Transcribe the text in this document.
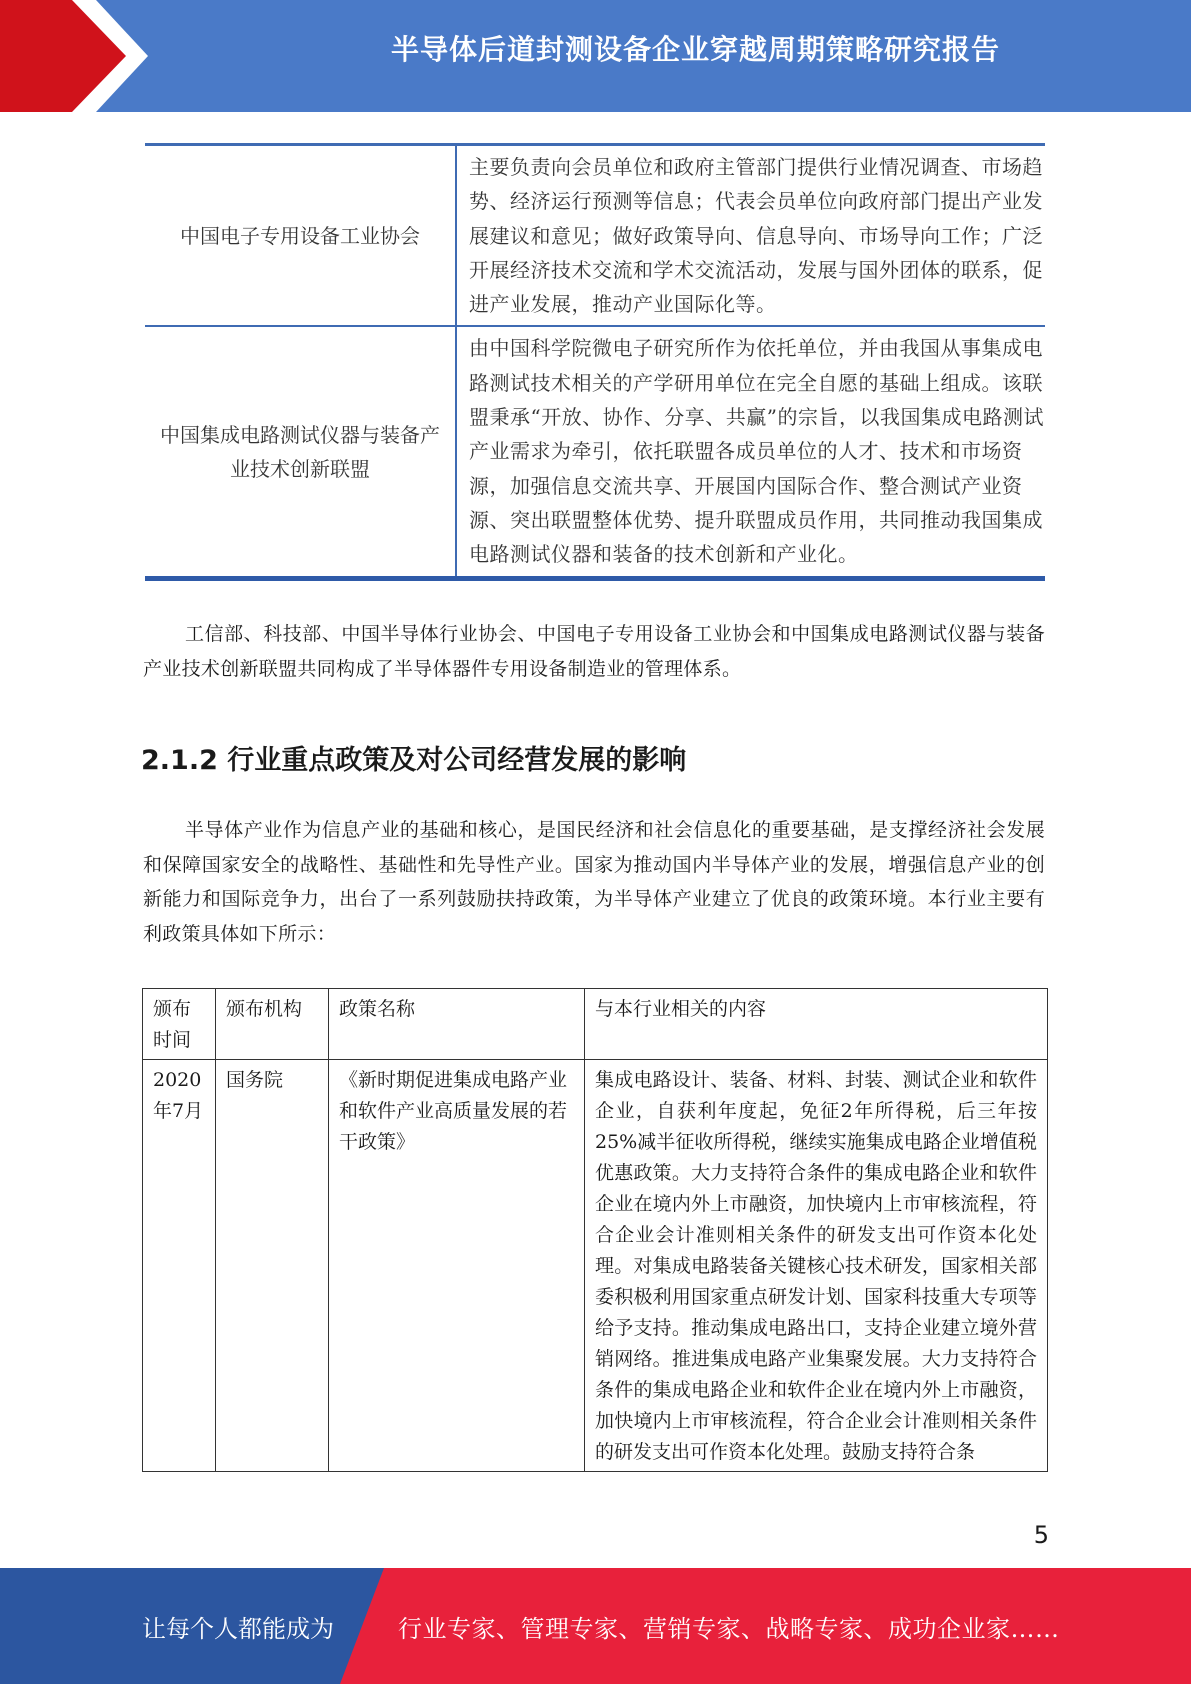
半导体后道封测设备企业穿越周期策略研究报告
中国电子专用设备工业协会	主要负责向会员单位和政府主管部门提供行业情况调查、市场趋势、经济运行预测等信息；代表会员单位向政府部门提出产业发展建议和意见；做好政策导向、信息导向、市场导向工作；广泛开展经济技术交流和学术交流活动，发展与国外团体的联系，促进产业发展，推动产业国际化等。
中国集成电路测试仪器与装备产业技术创新联盟	由中国科学院微电子研究所作为依托单位，并由我国从事集成电路测试技术相关的产学研用单位在完全自愿的基础上组成。该联盟秉承“开放、协作、分享、共赢”的宗旨，以我国集成电路测试产业需求为牵引，依托联盟各成员单位的人才、技术和市场资源，加强信息交流共享、开展国内国际合作、整合测试产业资源、突出联盟整体优势、提升联盟成员作用，共同推动我国集成电路测试仪器和装备的技术创新和产业化。

工信部、科技部、中国半导体行业协会、中国电子专用设备工业协会和中国集成电路测试仪器与装备产业技术创新联盟共同构成了半导体器件专用设备制造业的管理体系。

2.1.2 行业重点政策及对公司经营发展的影响

半导体产业作为信息产业的基础和核心，是国民经济和社会信息化的重要基础，是支撑经济社会发展和保障国家安全的战略性、基础性和先导性产业。国家为推动国内半导体产业的发展，增强信息产业的创新能力和国际竞争力，出台了一系列鼓励扶持政策，为半导体产业建立了优良的政策环境。本行业主要有利政策具体如下所示：

颁布时间	颁布机构	政策名称	与本行业相关的内容
2020年7月	国务院	《新时期促进集成电路产业和软件产业高质量发展的若干政策》	集成电路设计、装备、材料、封装、测试企业和软件企业，自获利年度起，免征2年所得税，后三年按25%减半征收所得税，继续实施集成电路企业增值税优惠政策。大力支持符合条件的集成电路企业和软件企业在境内外上市融资，加快境内上市审核流程，符合企业会计准则相关条件的研发支出可作资本化处理。对集成电路装备关键核心技术研发，国家相关部委积极利用国家重点研发计划、国家科技重大专项等给予支持。推动集成电路出口，支持企业建立境外营销网络。推进集成电路产业集聚发展。大力支持符合条件的集成电路企业和软件企业在境内外上市融资，加快境内上市审核流程，符合企业会计准则相关条件的研发支出可作资本化处理。鼓励支持符合条
5
让每个人都能成为	行业专家、管理专家、营销专家、战略专家、成功企业家……
